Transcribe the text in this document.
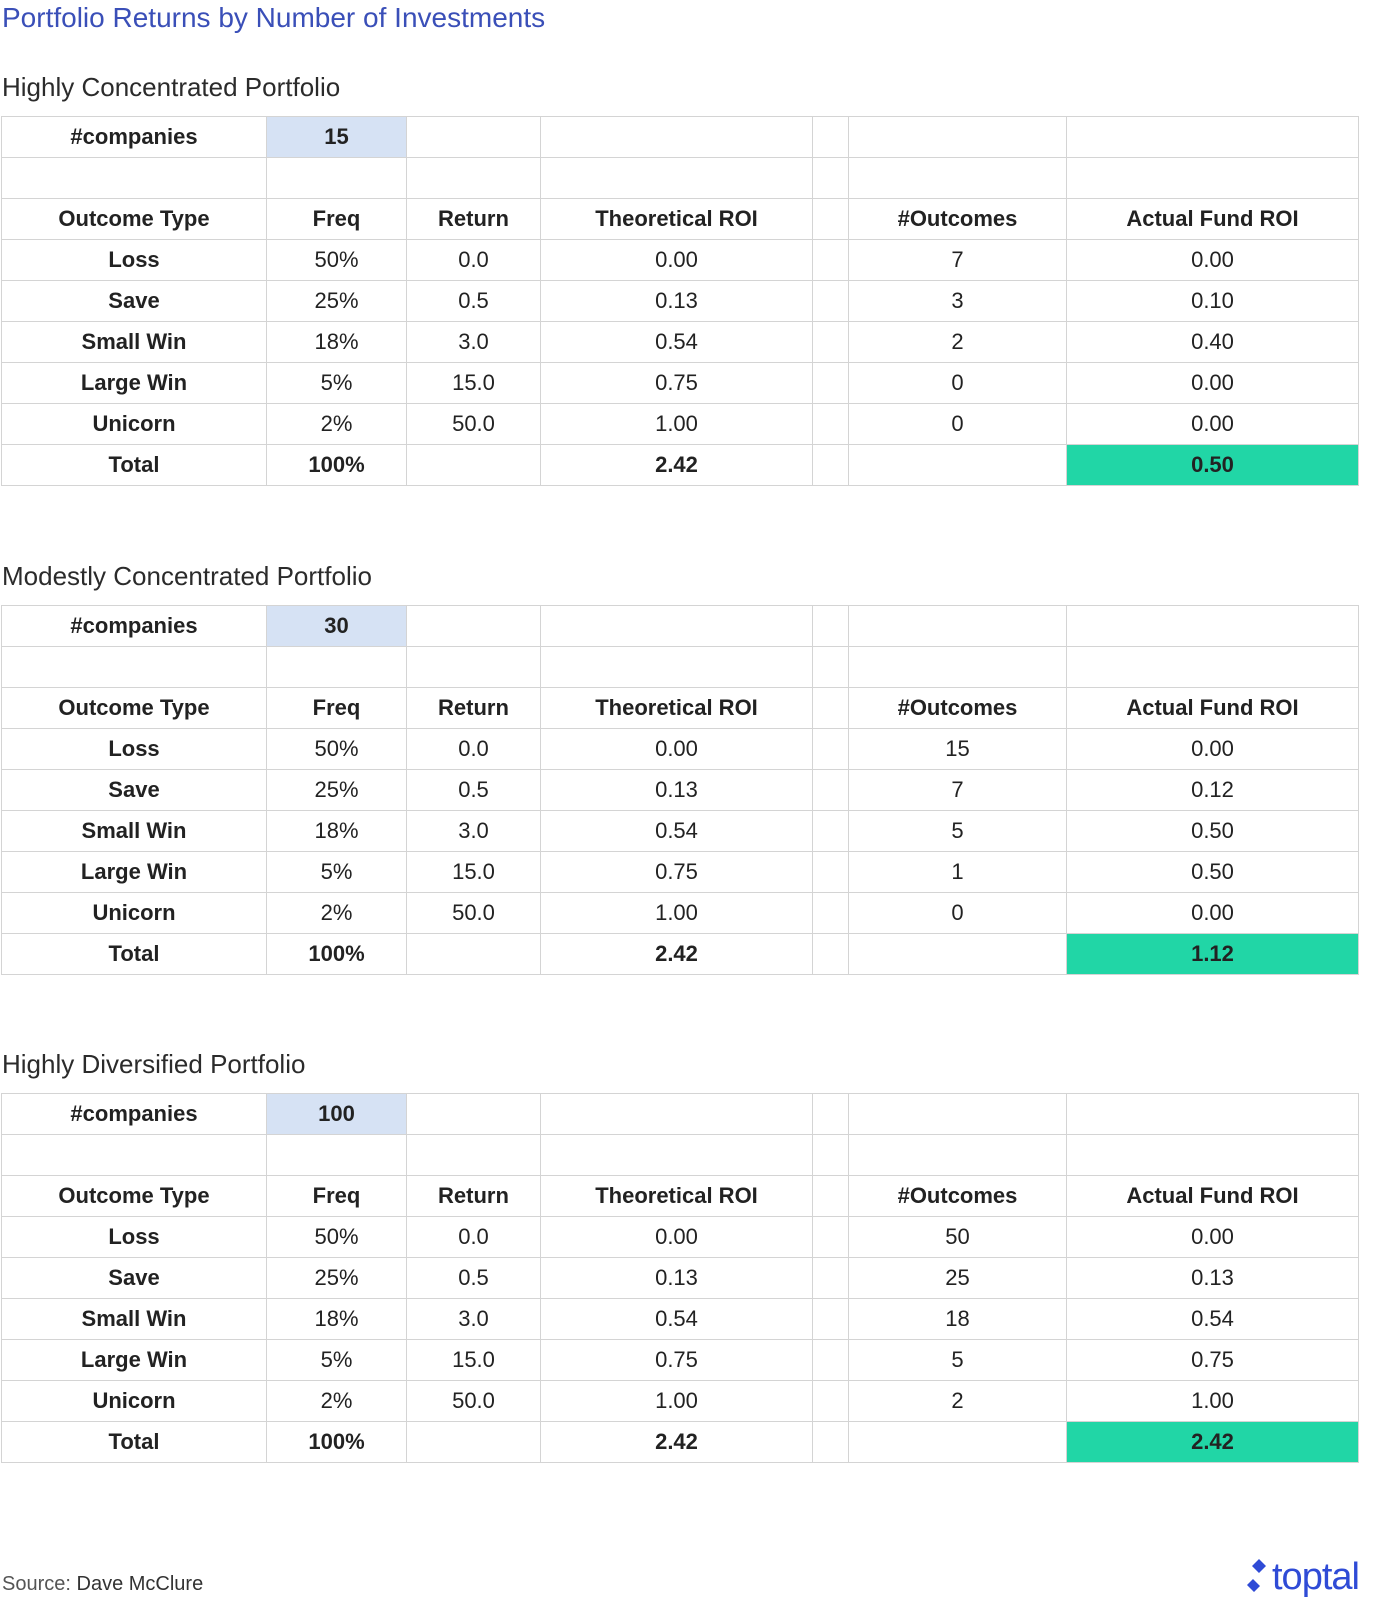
Portfolio Returns by Number of Investments
Highly Concentrated Portfolio
#companies	15					

Outcome Type	Freq	Return	Theoretical ROI		#Outcomes	Actual Fund ROI
Loss	50%	0.0	0.00		7	0.00
Save	25%	0.5	0.13		3	0.10
Small Win	18%	3.0	0.54		2	0.40
Large Win	5%	15.0	0.75		0	0.00
Unicorn	2%	50.0	1.00		0	0.00
Total	100%		2.42			0.50
Modestly Concentrated Portfolio
#companies	30					

Outcome Type	Freq	Return	Theoretical ROI		#Outcomes	Actual Fund ROI
Loss	50%	0.0	0.00		15	0.00
Save	25%	0.5	0.13		7	0.12
Small Win	18%	3.0	0.54		5	0.50
Large Win	5%	15.0	0.75		1	0.50
Unicorn	2%	50.0	1.00		0	0.00
Total	100%		2.42			1.12
Highly Diversified Portfolio
#companies	100					

Outcome Type	Freq	Return	Theoretical ROI		#Outcomes	Actual Fund ROI
Loss	50%	0.0	0.00		50	0.00
Save	25%	0.5	0.13		25	0.13
Small Win	18%	3.0	0.54		18	0.54
Large Win	5%	15.0	0.75		5	0.75
Unicorn	2%	50.0	1.00		2	1.00
Total	100%		2.42			2.42
Source: Dave McClure	toptal
